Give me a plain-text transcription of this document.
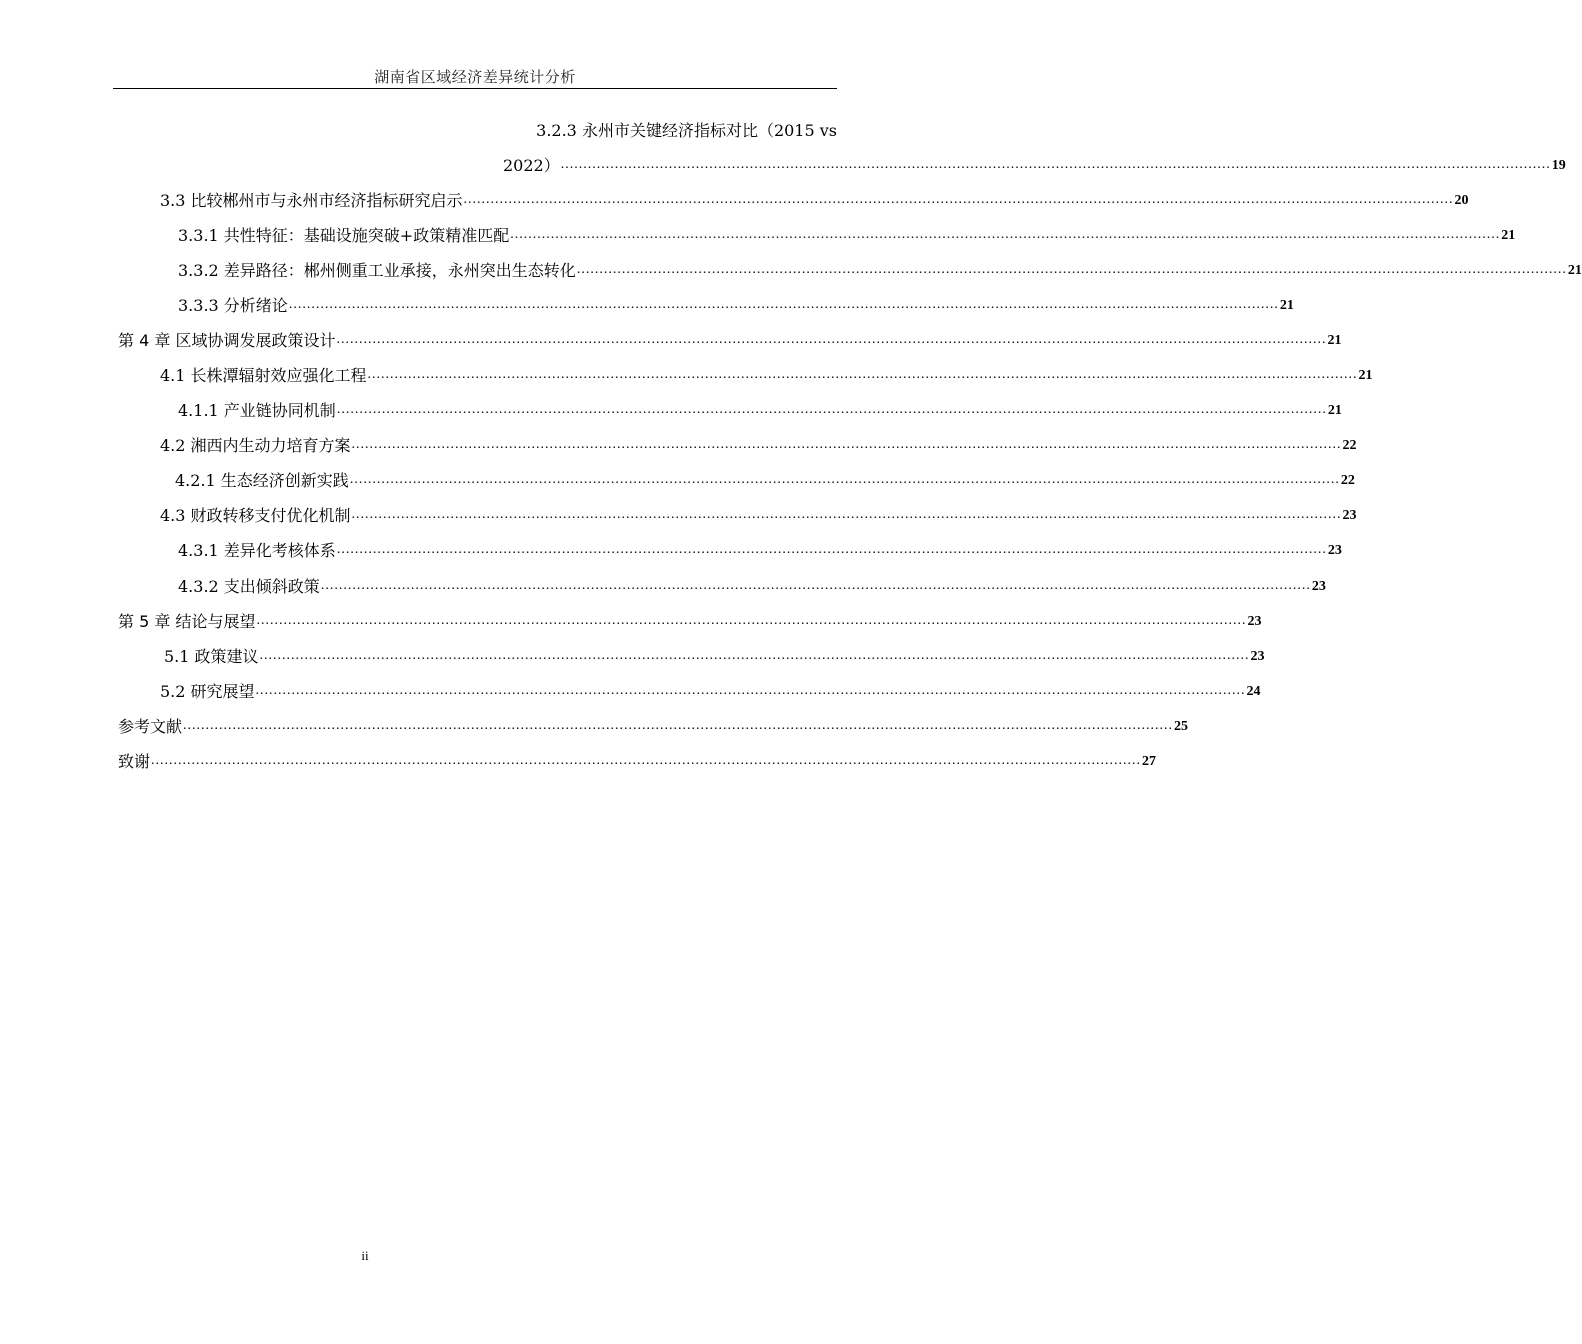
湖南省区域经济差异统计分析
3.2.3 永州市关键经济指标对比（2015 vs
2022） ............................................................................................................................................................................................................................ 19
3.3 比较郴州市与永州市经济指标研究启示 ............................................................................................................................................................................................................................ 20
3.3.1 共性特征：基础设施突破+政策精准匹配 ............................................................................................................................................................................................................................ 21
3.3.2 差异路径：郴州侧重工业承接，永州突出生态转化 ............................................................................................................................................................................................................................ 21
3.3.3 分析绪论 ............................................................................................................................................................................................................................ 21
第 4 章 区域协调发展政策设计 ............................................................................................................................................................................................................................ 21
4.1 长株潭辐射效应强化工程 ............................................................................................................................................................................................................................ 21
4.1.1 产业链协同机制 ............................................................................................................................................................................................................................ 21
4.2 湘西内生动力培育方案 ............................................................................................................................................................................................................................ 22
4.2.1 生态经济创新实践 ............................................................................................................................................................................................................................ 22
4.3 财政转移支付优化机制 ............................................................................................................................................................................................................................ 23
4.3.1 差异化考核体系 ............................................................................................................................................................................................................................ 23
4.3.2 支出倾斜政策 ............................................................................................................................................................................................................................ 23
第 5 章 结论与展望 ............................................................................................................................................................................................................................ 23
5.1 政策建议 ............................................................................................................................................................................................................................ 23
5.2 研究展望 ............................................................................................................................................................................................................................ 24
参考文献 ............................................................................................................................................................................................................................ 25
致谢 ............................................................................................................................................................................................................................ 27
ii
